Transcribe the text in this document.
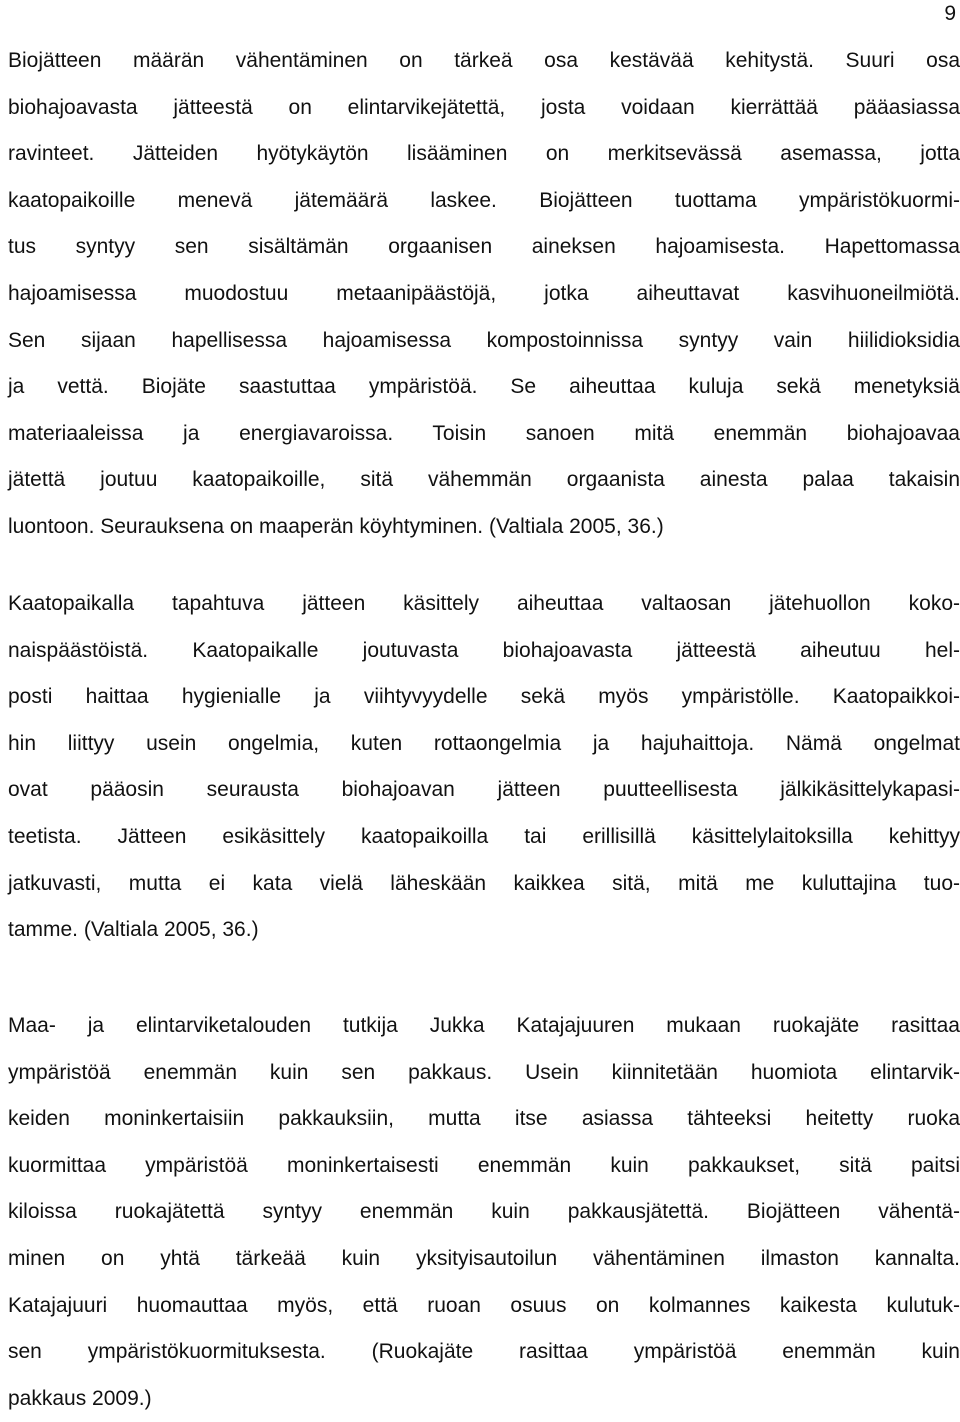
9
Biojätteen määrän vähentäminen on tärkeä osa kestävää kehitystä. Suuri osa
biohajoavasta jätteestä on elintarvikejätettä, josta voidaan kierrättää pääasiassa
ravinteet. Jätteiden hyötykäytön lisääminen on merkitsevässä asemassa, jotta
kaatopaikoille menevä jätemäärä laskee. Biojätteen tuottama ympäristökuormi-
tus syntyy sen sisältämän orgaanisen aineksen hajoamisesta. Hapettomassa
hajoamisessa muodostuu metaanipäästöjä, jotka aiheuttavat kasvihuoneilmiötä.
Sen sijaan hapellisessa hajoamisessa kompostoinnissa syntyy vain hiilidioksidia
ja vettä. Biojäte saastuttaa ympäristöä. Se aiheuttaa kuluja sekä menetyksiä
materiaaleissa ja energiavaroissa. Toisin sanoen mitä enemmän biohajoavaa
jätettä joutuu kaatopaikoille, sitä vähemmän orgaanista ainesta palaa takaisin
luontoon. Seurauksena on maaperän köyhtyminen. (Valtiala 2005, 36.)
Kaatopaikalla tapahtuva jätteen käsittely aiheuttaa valtaosan jätehuollon koko-
naispäästöistä. Kaatopaikalle joutuvasta biohajoavasta jätteestä aiheutuu hel-
posti haittaa hygienialle ja viihtyvyydelle sekä myös ympäristölle. Kaatopaikkoi-
hin liittyy usein ongelmia, kuten rottaongelmia ja hajuhaittoja. Nämä ongelmat
ovat pääosin seurausta biohajoavan jätteen puutteellisesta jälkikäsittelykapasi-
teetista. Jätteen esikäsittely kaatopaikoilla tai erillisillä käsittelylaitoksilla kehittyy
jatkuvasti, mutta ei kata vielä läheskään kaikkea sitä, mitä me kuluttajina tuo-
tamme. (Valtiala 2005, 36.)
Maa- ja elintarviketalouden tutkija Jukka Katajajuuren mukaan ruokajäte rasittaa
ympäristöä enemmän kuin sen pakkaus. Usein kiinnitetään huomiota elintarvik-
keiden moninkertaisiin pakkauksiin, mutta itse asiassa tähteeksi heitetty ruoka
kuormittaa ympäristöä moninkertaisesti enemmän kuin pakkaukset, sitä paitsi
kiloissa ruokajätettä syntyy enemmän kuin pakkausjätettä. Biojätteen vähentä-
minen on yhtä tärkeää kuin yksityisautoilun vähentäminen ilmaston kannalta.
Katajajuuri huomauttaa myös, että ruoan osuus on kolmannes kaikesta kulutuk-
sen ympäristökuormituksesta. (Ruokajäte rasittaa ympäristöä enemmän kuin
pakkaus 2009.)
